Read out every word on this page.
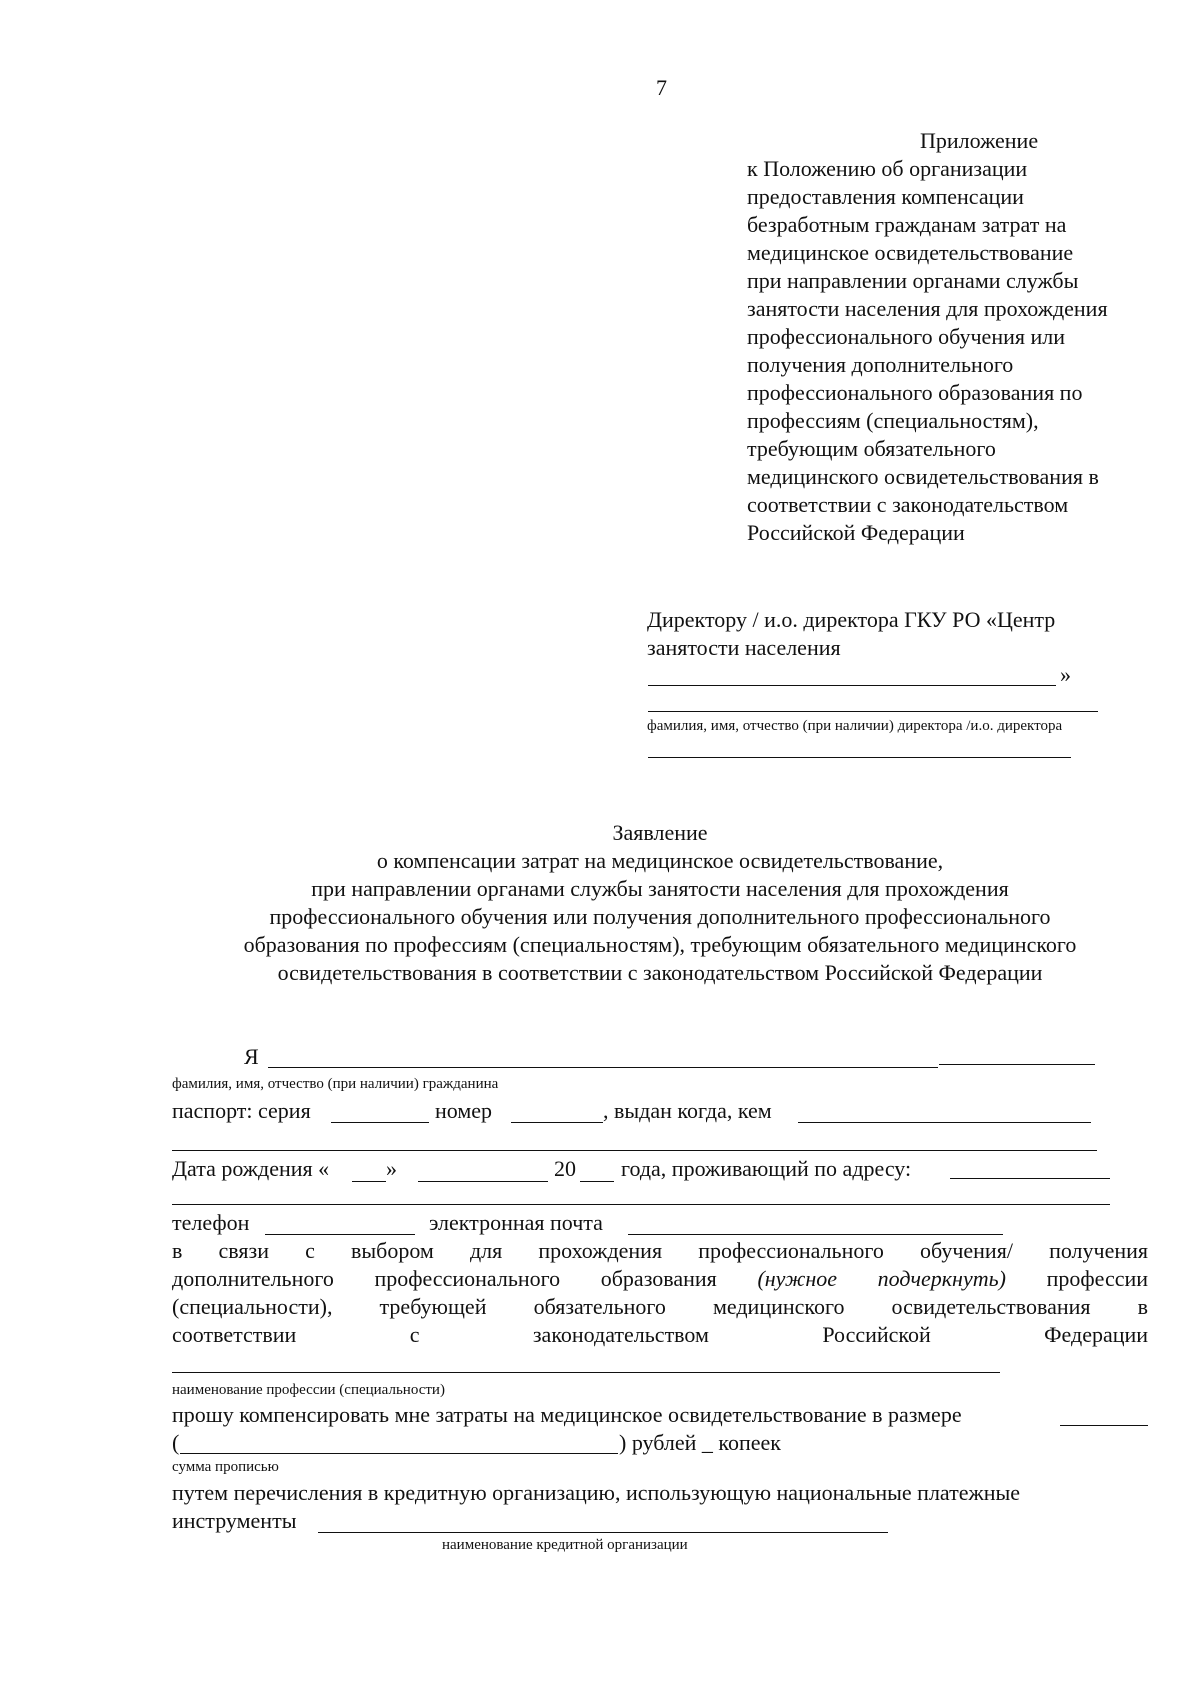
7
Приложение
к Положению об организации
предоставления компенсации
безработным гражданам затрат на
медицинское освидетельствование
при направлении органами службы
занятости населения для прохождения
профессионального обучения или
получения дополнительного
профессионального образования по
профессиям (специальностям),
требующим обязательного
медицинского освидетельствования в
соответствии с законодательством
Российской Федерации
Директору / и.о. директора ГКУ РО «Центр
занятости населения
»
фамилия, имя, отчество (при наличии) директора /и.о. директора
Заявление
о компенсации затрат на медицинское освидетельствование,
при направлении органами службы занятости населения для прохождения
профессионального обучения или получения дополнительного профессионального
образования по профессиям (специальностям), требующим обязательного медицинского
освидетельствования в соответствии с законодательством Российской Федерации
Я
фамилия, имя, отчество (при наличии) гражданина
паспорт: серия	номер	, выдан когда, кем
Дата рождения «	»	20 года, проживающий по адресу:
телефон	электронная почта
в связи с выбором для прохождения профессионального обучения/ получения
дополнительного профессионального образования (нужное подчеркнуть) профессии
(специальности), требующей обязательного медицинского освидетельствования в
соответствии	с	законодательством	Российской	Федерации
наименование профессии (специальности)
прошу компенсировать мне затраты на медицинское освидетельствование в размере
(	) рублей _ копеек
сумма прописью
путем перечисления в кредитную организацию, использующую национальные платежные
инструменты
наименование кредитной организации
